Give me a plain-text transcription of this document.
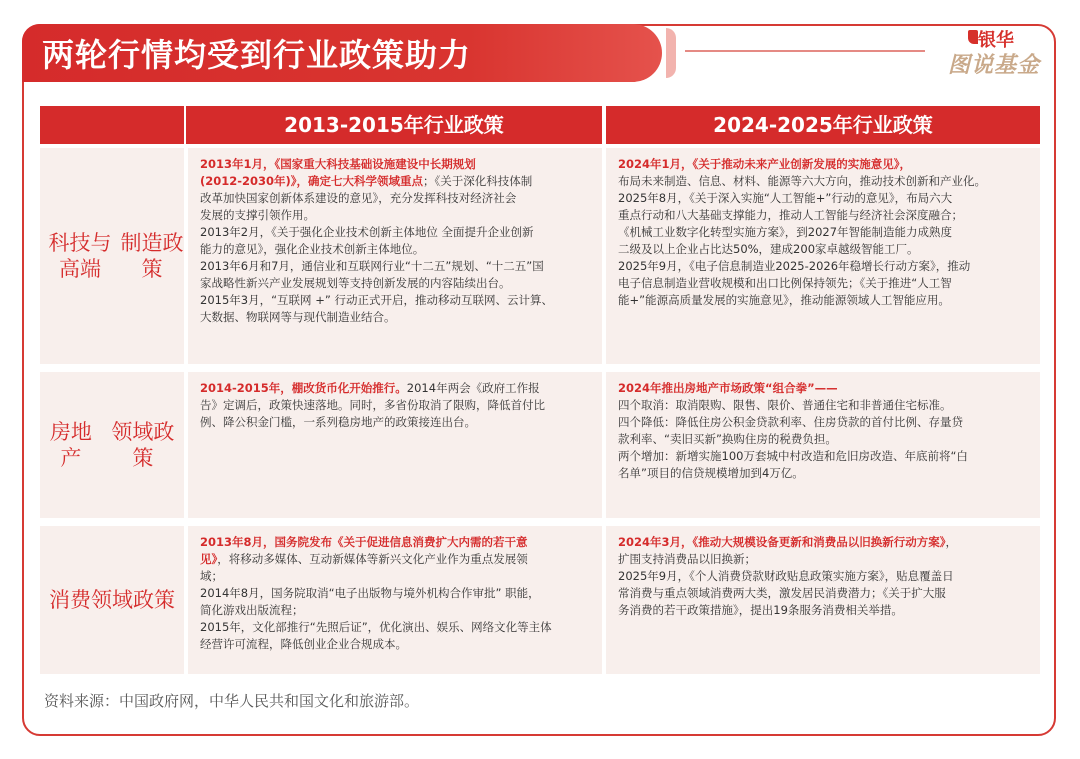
两轮行情均受到行业政策助力	银华
图说基金
2013-2015年行业政策	2024-2025年行业政策
科技与高端

制造政策
2013年1月，《国家重大科技基础设施建设中长期规划
(2012-2030年)》，确定七大科学领域重点；《关于深化科技体制
改革加快国家创新体系建设的意见》，充分发挥科技对经济社会
发展的支撑引领作用。
2013年2月，《关于强化企业技术创新主体地位 全面提升企业创新
能力的意见》，强化企业技术创新主体地位。
2013年6月和7月，通信业和互联网行业“十二五”规划、“十二五”国
家战略性新兴产业发展规划等支持创新发展的内容陆续出台。
2015年3月，“互联网 +” 行动正式开启，推动移动互联网、云计算、
大数据、物联网等与现代制造业结合。
2024年1月，《关于推动未来产业创新发展的实施意见》，
布局未来制造、信息、材料、能源等六大方向，推动技术创新和产业化。
2025年8月，《关于深入实施“人工智能+”行动的意见》，布局六大
重点行动和八大基础支撑能力，推动人工智能与经济社会深度融合；
《机械工业数字化转型实施方案》，到2027年智能制造能力成熟度
二级及以上企业占比达50%，建成200家卓越级智能工厂。
2025年9月，《电子信息制造业2025-2026年稳增长行动方案》，推动
电子信息制造业营收规模和出口比例保持领先；《关于推进“人工智
能+”能源高质量发展的实施意见》，推动能源领域人工智能应用。
房地产

领域政策
2014-2015年，棚改货币化开始推行。2014年两会《政府工作报
告》定调后，政策快速落地。同时，多省份取消了限购，降低首付比
例、降公积金门槛，一系列稳房地产的政策接连出台。
2024年推出房地产市场政策“组合拳”——
四个取消：取消限购、限售、限价、普通住宅和非普通住宅标准。
四个降低：降低住房公积金贷款利率、住房贷款的首付比例、存量贷
款利率、“卖旧买新”换购住房的税费负担。
两个增加：新增实施100万套城中村改造和危旧房改造、年底前将“白
名单”项目的信贷规模增加到4万亿。
消费 领域政策
2013年8月，国务院发布《关于促进信息消费扩大内需的若干意
见》，将移动多媒体、互动新媒体等新兴文化产业作为重点发展领
域；
2014年8月，国务院取消“电子出版物与境外机构合作审批” 职能，
简化游戏出版流程；
2015年，文化部推行“先照后证”，优化演出、娱乐、网络文化等主体
经营许可流程，降低创业企业合规成本。
2024年3月，《推动大规模设备更新和消费品以旧换新行动方案》，
扩围支持消费品以旧换新；
2025年9月，《个人消费贷款财政贴息政策实施方案》，贴息覆盖日
常消费与重点领域消费两大类，激发居民消费潜力；《关于扩大服
务消费的若干政策措施》，提出19条服务消费相关举措。
资料来源：中国政府网，中华人民共和国文化和旅游部。
